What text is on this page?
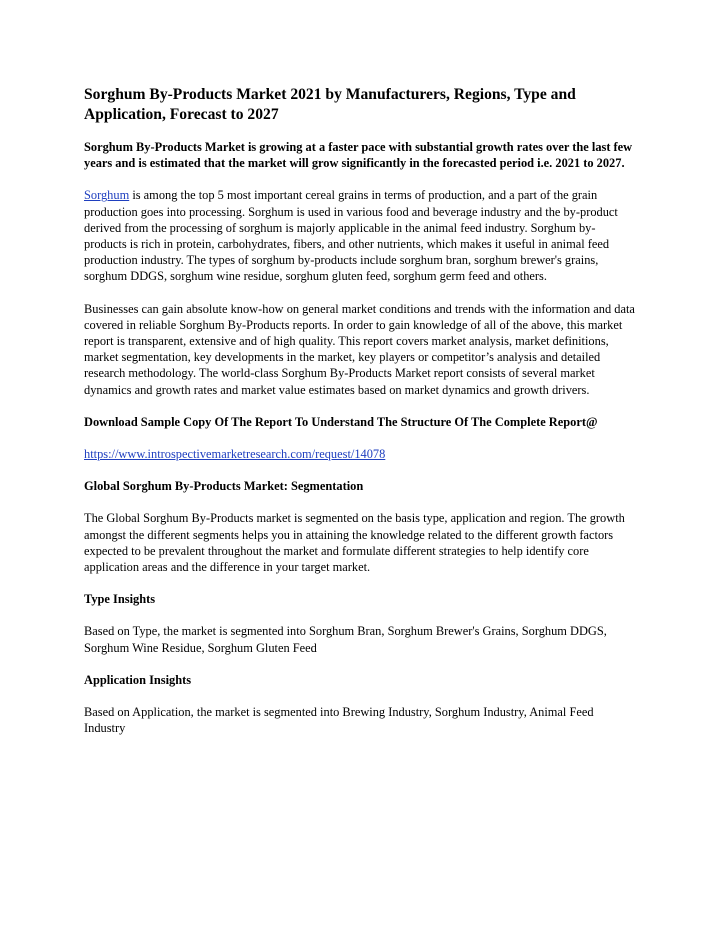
Sorghum By-Products Market 2021 by Manufacturers, Regions, Type and Application, Forecast to 2027
Sorghum By-Products Market is growing at a faster pace with substantial growth rates over the last few years and is estimated that the market will grow significantly in the forecasted period i.e. 2021 to 2027.

Sorghum is among the top 5 most important cereal grains in terms of production, and a part of the grain production goes into processing. Sorghum is used in various food and beverage industry and the by-product derived from the processing of sorghum is majorly applicable in the animal feed industry. Sorghum by-products is rich in protein, carbohydrates, fibers, and other nutrients, which makes it useful in animal feed production industry. The types of sorghum by-products include sorghum bran, sorghum brewer's grains, sorghum DDGS, sorghum wine residue, sorghum gluten feed, sorghum germ feed and others.

Businesses can gain absolute know-how on general market conditions and trends with the information and data covered in reliable Sorghum By-Products reports. In order to gain knowledge of all of the above, this market report is transparent, extensive and of high quality. This report covers market analysis, market definitions, market segmentation, key developments in the market, key players or competitor’s analysis and detailed research methodology. The world-class Sorghum By-Products Market report consists of several market dynamics and growth rates and market value estimates based on market dynamics and growth drivers.

Download Sample Copy Of The Report To Understand The Structure Of The Complete Report@

https://www.introspectivemarketresearch.com/request/14078

Global Sorghum By-Products Market: Segmentation

The Global Sorghum By-Products market is segmented on the basis type, application and region. The growth amongst the different segments helps you in attaining the knowledge related to the different growth factors expected to be prevalent throughout the market and formulate different strategies to help identify core application areas and the difference in your target market.

Type Insights

Based on Type, the market is segmented into Sorghum Bran, Sorghum Brewer's Grains, Sorghum DDGS, Sorghum Wine Residue, Sorghum Gluten Feed

Application Insights

Based on Application, the market is segmented into Brewing Industry, Sorghum Industry, Animal Feed Industry
